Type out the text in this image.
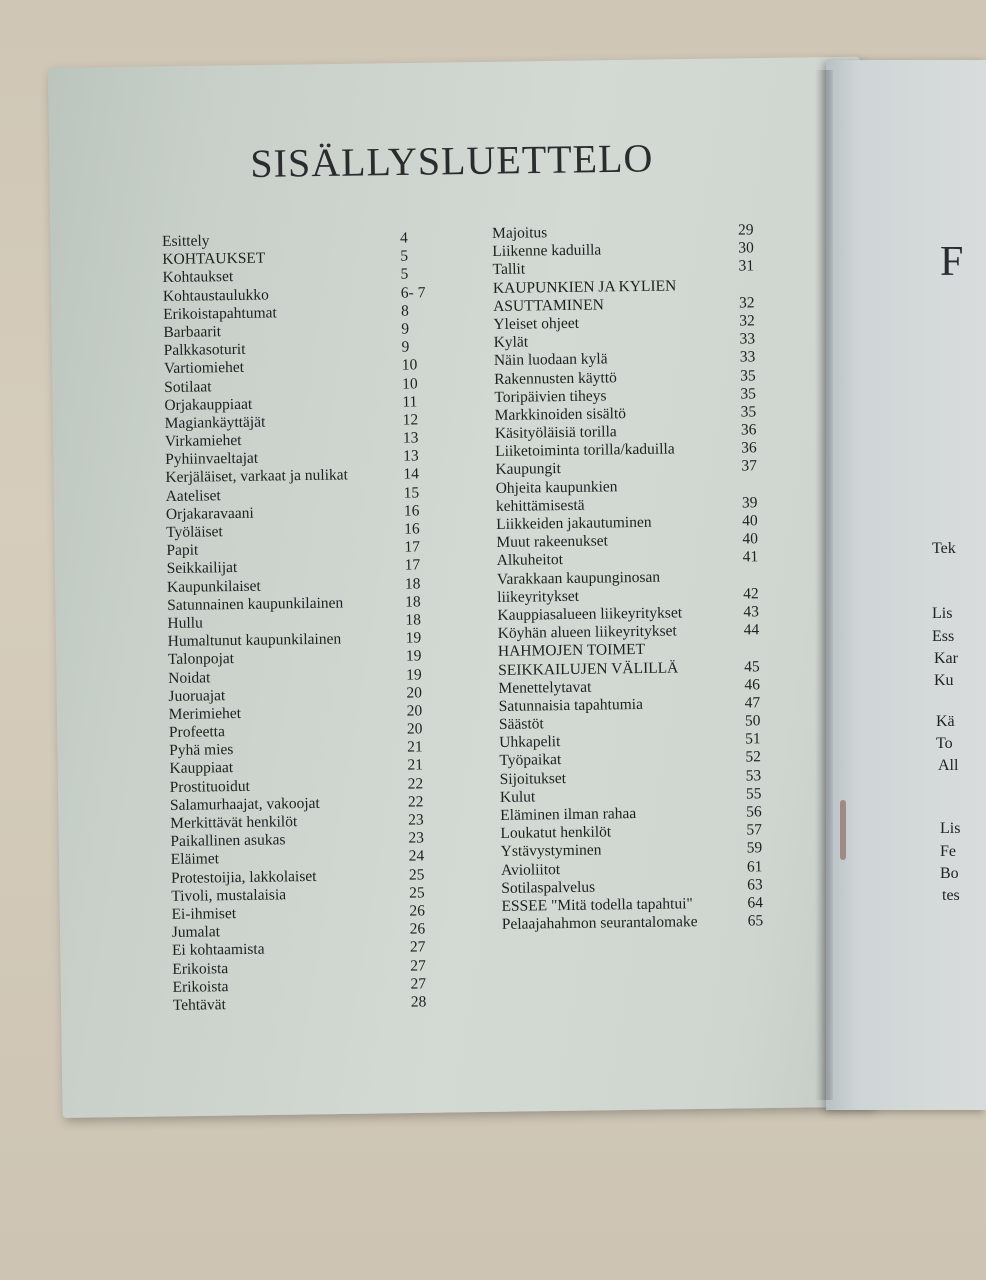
SISÄLLYSLUETTELO
Esittely	4
KOHTAUKSET	5
Kohtaukset	5
Kohtaustaulukko	6- 7
Erikoistapahtumat	8
Barbaarit	9
Palkkasoturit	9
Vartiomiehet	10
Sotilaat	10
Orjakauppiaat	11
Magiankäyttäjät	12
Virkamiehet	13
Pyhiinvaeltajat	13
Kerjäläiset, varkaat ja nulikat	14
Aateliset	15
Orjakaravaani	16
Työläiset	16
Papit	17
Seikkailijat	17
Kaupunkilaiset	18
Satunnainen kaupunkilainen	18
Hullu	18
Humaltunut kaupunkilainen	19
Talonpojat	19
Noidat	19
Juoruajat	20
Merimiehet	20
Profeetta	20
Pyhä mies	21
Kauppiaat	21
Prostituoidut	22
Salamurhaajat, vakoojat	22
Merkittävät henkilöt	23
Paikallinen asukas	23
Eläimet	24
Protestoijia, lakkolaiset	25
Tivoli, mustalaisia	25
Ei-ihmiset	26
Jumalat	26
Ei kohtaamista	27
Erikoista	27
Erikoista	27
Tehtävät	28
Majoitus	29
Liikenne kaduilla	30
Tallit	31
KAUPUNKIEN JA KYLIEN
ASUTTAMINEN	32
Yleiset ohjeet	32
Kylät	33
Näin luodaan kylä	33
Rakennusten käyttö	35
Toripäivien tiheys	35
Markkinoiden sisältö	35
Käsityöläisiä torilla	36
Liiketoiminta torilla/kaduilla	36
Kaupungit	37
Ohjeita kaupunkien
kehittämisestä	39
Liikkeiden jakautuminen	40
Muut rakeenukset	40
Alkuheitot	41
Varakkaan kaupunginosan
liikeyritykset	42
Kauppiasalueen liikeyritykset	43
Köyhän alueen liikeyritykset	44
HAHMOJEN TOIMET
SEIKKAILUJEN VÄLILLÄ	45
Menettelytavat	46
Satunnaisia tapahtumia	47
Säästöt	50
Uhkapelit	51
Työpaikat	52
Sijoitukset	53
Kulut	55
Eläminen ilman rahaa	56
Loukatut henkilöt	57
Ystävystyminen	59
Avioliitot	61
Sotilaspalvelus	63
ESSEE "Mitä todella tapahtui"	64
Pelaajahahmon seurantalomake	65
F
Tek
Lis
Ess
Kar
Ku
Kä
To
All
Lis
Fe
Bo
tes
